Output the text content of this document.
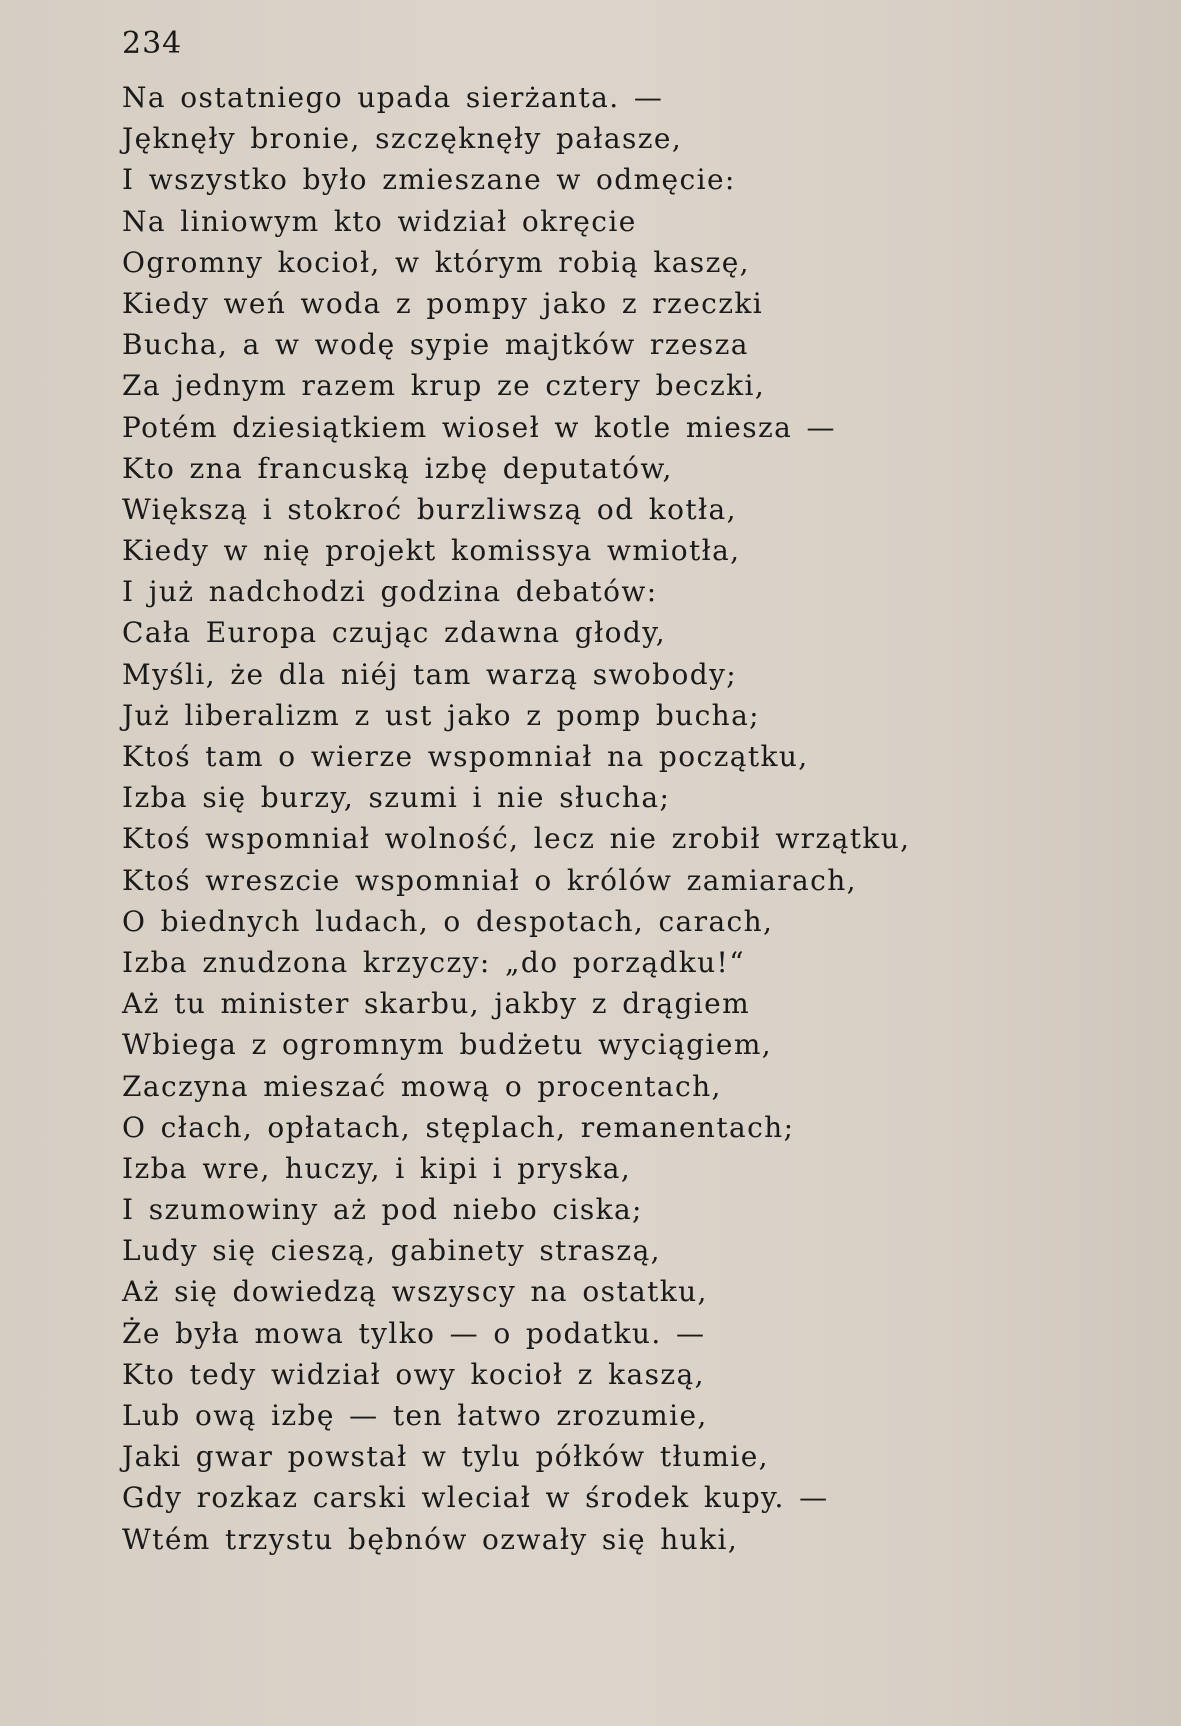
234
Na ostatniego upada sierżanta. —
Jęknęły bronie, szczęknęły pałasze,
I wszystko było zmieszane w odmęcie:
Na liniowym kto widział okręcie
Ogromny kocioł, w którym robią kaszę,
Kiedy weń woda z pompy jako z rzeczki
Bucha, a w wodę sypie majtków rzesza
Za jednym razem krup ze cztery beczki,
Potém dziesiątkiem wioseł w kotle miesza —
Kto zna francuską izbę deputatów,
Większą i stokroć burzliwszą od kotła,
Kiedy w nię projekt komissya wmiotła,
I już nadchodzi godzina debatów:
Cała Europa czując zdawna głody,
Myśli, że dla niéj tam warzą swobody;
Już liberalizm z ust jako z pomp bucha;
Ktoś tam o wierze wspomniał na początku,
Izba się burzy, szumi i nie słucha;
Ktoś wspomniał wolność, lecz nie zrobił wrzątku,
Ktoś wreszcie wspomniał o królów zamiarach,
O biednych ludach, o despotach, carach,
Izba znudzona krzyczy: „do porządku!“
Aż tu minister skarbu, jakby z drągiem
Wbiega z ogromnym budżetu wyciągiem,
Zaczyna mieszać mową o procentach,
O cłach, opłatach, stęplach, remanentach;
Izba wre, huczy, i kipi i pryska,
I szumowiny aż pod niebo ciska;
Ludy się cieszą, gabinety straszą,
Aż się dowiedzą wszyscy na ostatku,
Że była mowa tylko — o podatku. —
Kto tedy widział owy kocioł z kaszą,
Lub ową izbę — ten łatwo zrozumie,
Jaki gwar powstał w tylu półków tłumie,
Gdy rozkaz carski wleciał w środek kupy. —
Wtém trzystu bębnów ozwały się huki,
